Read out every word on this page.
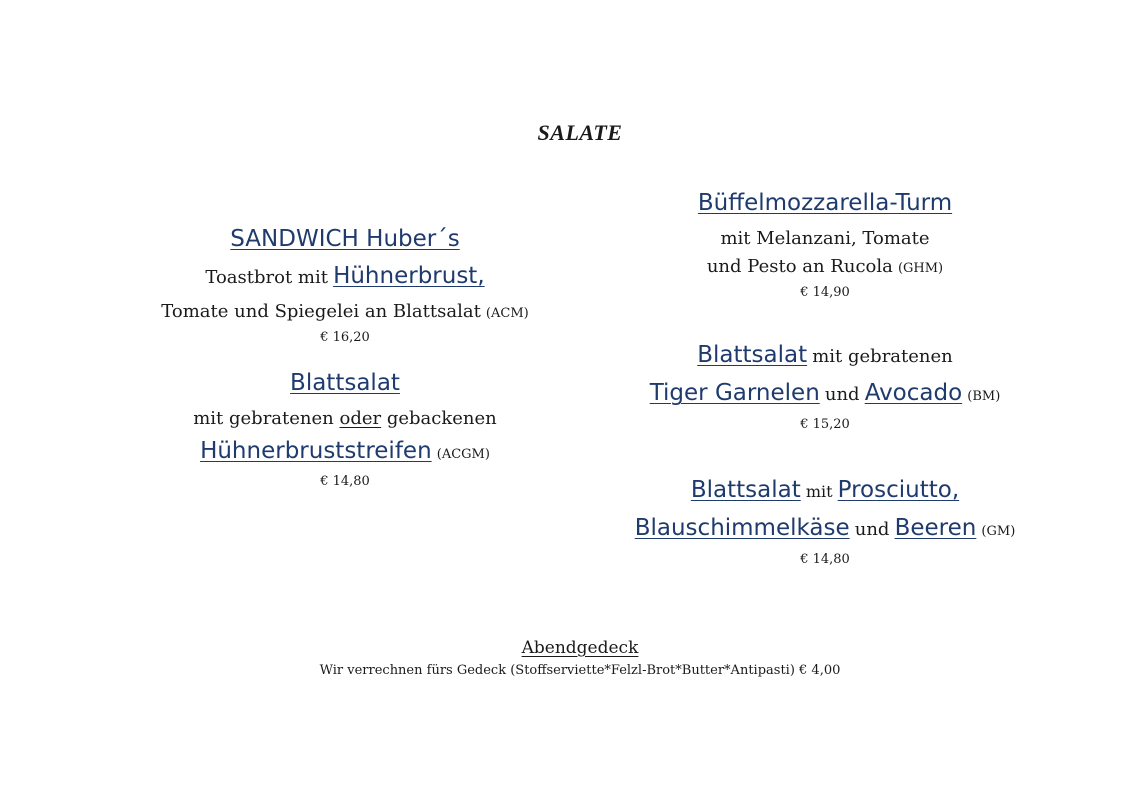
SALATE
SANDWICH Huber´s
Toastbrot mit Hühnerbrust,
Tomate und Spiegelei an Blattsalat (ACM)
€ 16,20
Blattsalat
mit gebratenen oder gebackenen
Hühnerbruststreifen (ACGM)
€ 14,80
Büffelmozzarella-Turm
mit Melanzani, Tomate
und Pesto an Rucola (GHM)
€ 14,90
Blattsalat mit gebratenen
Tiger Garnelen und Avocado (BM)
€ 15,20
Blattsalat mit Prosciutto,
Blauschimmelkäse und Beeren (GM)
€ 14,80
Abendgedeck
Wir verrechnen fürs Gedeck (Stoffserviette*Felzl-Brot*Butter*Antipasti) € 4,00
